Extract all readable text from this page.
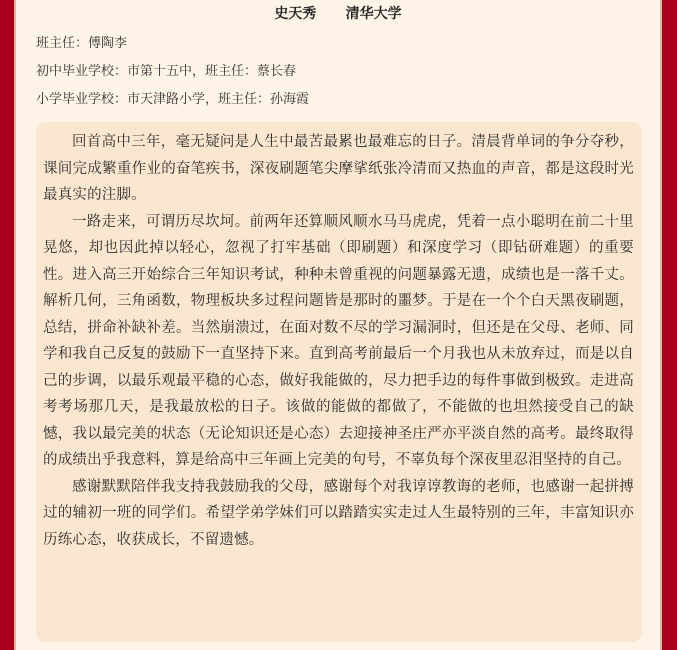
史天秀      清华大学
班主任：傅陶李
初中毕业学校：市第十五中，班主任：蔡长春
小学毕业学校：市天津路小学，班主任：孙海霞

回首高中三年，毫无疑问是人生中最苦最累也最难忘的日子。清晨背单词的争分夺秒，课间完成繁重作业的奋笔疾书，深夜刷题笔尖摩挲纸张冷清而又热血的声音，都是这段时光最真实的注脚。

一路走来，可谓历尽坎坷。前两年还算顺风顺水马马虎虎，凭着一点小聪明在前二十里晃悠，却也因此掉以轻心，忽视了打牢基础（即刷题）和深度学习（即钻研难题）的重要性。进入高三开始综合三年知识考试，种种未曾重视的问题暴露无遗，成绩也是一落千丈。解析几何，三角函数，物理板块多过程问题皆是那时的噩梦。于是在一个个白天黑夜刷题，总结，拼命补缺补差。当然崩溃过，在面对数不尽的学习漏洞时，但还是在父母、老师、同学和我自己反复的鼓励下一直坚持下来。直到高考前最后一个月我也从未放弃过，而是以自己的步调，以最乐观最平稳的心态，做好我能做的，尽力把手边的每件事做到极致。走进高考考场那几天，是我最放松的日子。该做的能做的都做了，不能做的也坦然接受自己的缺憾，我以最完美的状态（无论知识还是心态）去迎接神圣庄严亦平淡自然的高考。最终取得的成绩出乎我意料，算是给高中三年画上完美的句号，不辜负每个深夜里忍泪坚持的自己。

感谢默默陪伴我支持我鼓励我的父母，感谢每个对我谆谆教诲的老师，也感谢一起拼搏过的辅初一班的同学们。希望学弟学妹们可以踏踏实实走过人生最特别的三年，丰富知识亦历练心态，收获成长，不留遗憾。
